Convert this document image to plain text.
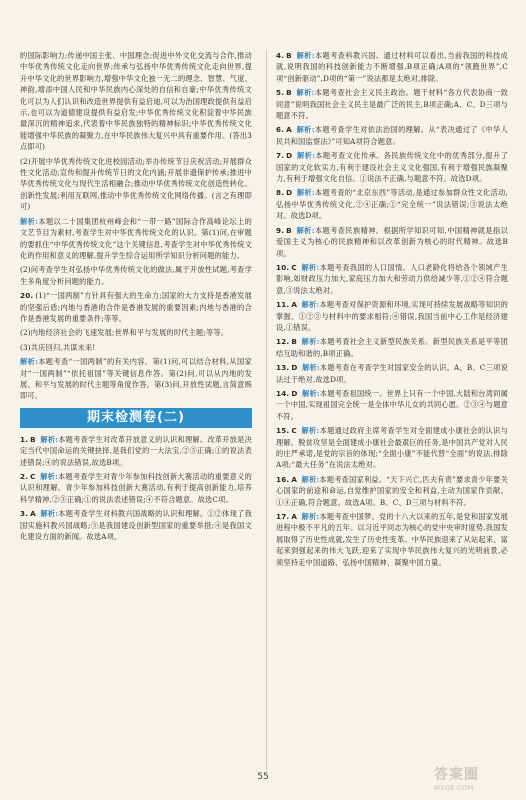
的国际影响力;传递中国主张、中国理念;促进中外文化交流与合作,推动中华优秀传统文化走向世界;传承与弘扬中华优秀传统文化走向世界,提升中华文化的世界影响力,增强中华文化独一无二的理念、智慧、气度、神韵,增添中国人民和中华民族内心深处的自信和自豪;中华优秀传统文化可以为人们认识和改造世界提供有益启迪,可以为治国理政提供有益启示,也可以为道德建设提供有益启发;中华优秀传统文化积淀着中华民族最深沉的精神追求,代表着中华民族独特的精神标识;中华优秀传统文化能增强中华民族的凝聚力,在中华民族伟大复兴中具有重要作用。(答出3点即可)

(2)开展中华优秀传统文化进校园活动;举办传统节日庆祝活动;开展群众性文化活动;宣传和提升传统节日的文化内涵;开展非遗保护传承;推进中华优秀传统文化与现代生活相融合;推动中华优秀传统文化创造性转化、创新性发展;利用互联网,推动中华优秀传统文化网络传播。(言之有理即可)

解析:本题以二十国集团杭州峰会和“一带一路”国际合作高峰论坛上的文艺节目为素材,考查学生对中华优秀传统文化的认识。第(1)问,在审题的要抓住“中华优秀传统文化”这个关键信息,考查学生对中华优秀传统文化的作用和意义的理解,提升学生综合运用所学知识分析问题的能力。

(2)问考查学生对弘扬中华优秀传统文化的做法,属于开放性试题,考查学生多角度分析问题的能力。

20. (1)“一国两制”方针具有强大的生命力;国家的大力支持是香港发展的坚强后盾;内地与香港的合作是香港发展的重要因素;内地与香港的合作是香港发展的重要条件;等等。

(2)内地经济社会的飞速发展;世界和平与发展的时代主题;等等。

(3)共庆回归,共谋未来!

解析:本题考查“一国两制”的有关内容。第(1)问,可以结合材料,从国家对“一国两制”“依托祖国”等关键信息作答。第(2)问,可以从内地的发展、和平与发展的时代主题等角度作答。第(3)问,开放性试题,言简意赅即可。

期末检测卷(二)

1. B 解析:本题考查学生对改革开放意义的认识和理解。改革开放是决定当代中国命运的关键抉择,是我们党的一大法宝,②③正确;①的说法表述错误;④的说法错误,故选B项。

2. C 解析:本题考查学生对青少年参加科技创新大赛活动的重要意义的认识和理解。青少年参加科技创新大赛活动,有利于提高创新能力,培养科学精神,②③正确;①的说法表述错误;④不符合题意。故选C项。

3. A 解析:本题考查学生对科教兴国战略的认识和理解。①②体现了我国实施科教兴国战略;③是我国建设创新型国家的重要举措;④是我国文化建设方面的新闻。故选A项。

4. B 解析:本题考查科教兴国。通过材料可以看出,当前我国的科技成就,说明我国的科技创新能力不断增强,B项正确;A项的“领跑世界”,C项“创新驱动”,D项的“第一”说法都是太绝对,排除。

5. B 解析:本题考查社会主义民主政治。题干材料“各方代表协商一致同意”说明我国社会主义民主是最广泛的民主,B项正确;A、C、D三项与题意不符。

6. A 解析:本题考查学生对依法治国的理解。从“表决通过了《中华人民共和国监察法》”可知A项符合题意。

7. D 解析:本题考查文化传承。各民族传统文化中的优秀部分,提升了国家的文化软实力,有利于建设社会主义文化强国,有利于增强民族凝聚力,有利于增强文化自信。①说法不正确,与题意不符。故选D项。

8. D 解析:本题考查的“北京东西”等活动,是通过参加群众性文化活动,弘扬中华优秀传统文化,②④正确;①“完全统一”说法错误;③说法太绝对。故选D项。

9. B 解析:本题考查民族精神。根据所学知识可知,中国精神就是指以爱国主义为核心的民族精神和以改革创新为核心的时代精神。故选B项。

10. C 解析:本题考查我国的人口国情。人口老龄化将给各个领域产生影响,如财政压力加大,家庭压力加大和劳动力供给减少等,①②④符合题意,③说法太绝对。

11. A 解析:本题考查对保护资源和环境,实现可持续发展战略等知识的掌握。①②③与材料中的要求相符;④错误,我国当前中心工作是经济建设,①错误。

12. B 解析:本题考查社会主义新型民族关系。新型民族关系是平等团结互助和谐的,B项正确。

13. D 解析:本题考查在考查学生对国家安全的认识。A、B、C三项说法过于绝对,故选D项。

14. D 解析:本题考查祖国统一。世界上只有一个中国,大陆和台湾同属一个中国,实现祖国完全统一是全体中华儿女的共同心愿。②③④与题意不符。

15. C 解析:本题通过政府主席考查学生对全面建成小康社会的认识与理解。脱贫攻坚是全面建成小康社会最艰巨的任务,是中国共产党对人民的庄严承诺,是党的宗旨的体现;“全面小康”不能代替“全面”的说法,排除A项;“最大任务”在说法太绝对。

16. A 解析:本题考查国家利益。“天下兴亡,匹夫有责”要求青少年要关心国家的前途和命运,自觉维护国家的安全和利益,主动为国家作贡献。①④正确,符合题意。故选A项。B、C、D三项与材料不符。

17. A 解析:本题考查中国梦。党的十八大以来的五年,是党和国家发展进程中极不平凡的五年。以习近平同志为核心的党中央审时度势,我国发展取得了历史性成就,发生了历史性变革。中华民族迎来了从站起来、富起来到强起来的伟大飞跃,迎来了实现中华民族伟大复兴的光明前景,必须坚持走中国道路、弘扬中国精神、凝聚中国力量。

55	答案圈
MXQE.COM
